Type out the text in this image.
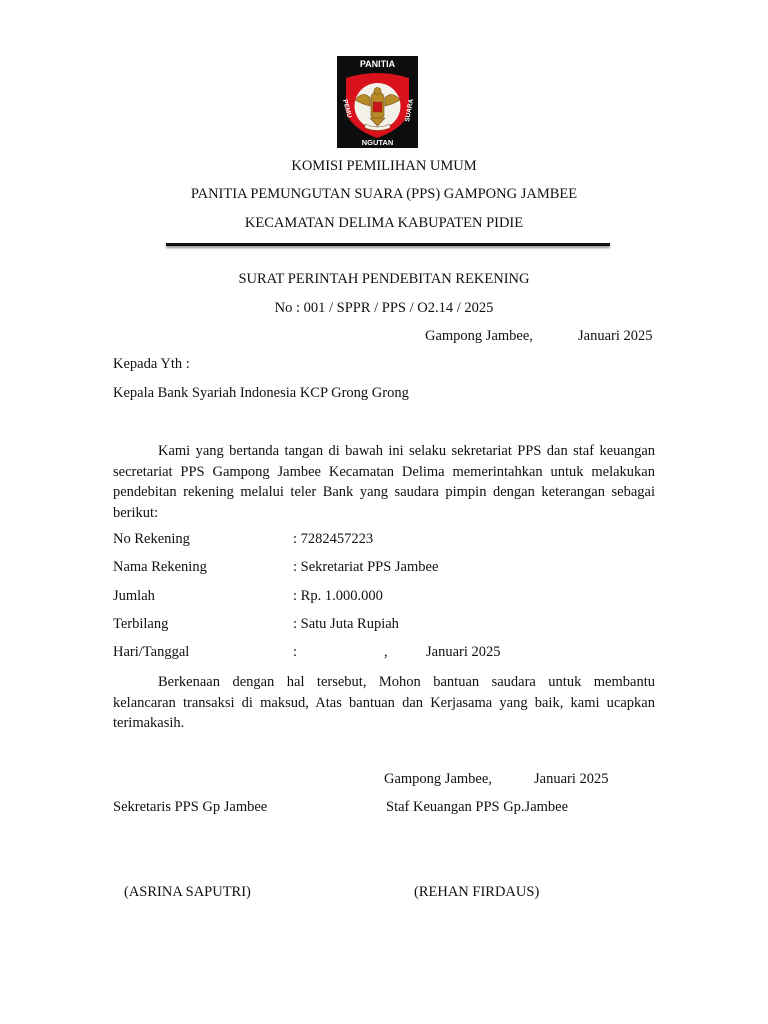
PANITIA
NGUTAN
PEMU	SUARA
KOMISI PEMILIHAN UMUM
PANITIA PEMUNGUTAN SUARA (PPS) GAMPONG JAMBEE
KECAMATAN DELIMA KABUPATEN PIDIE
SURAT PERINTAH PENDEBITAN REKENING
No : 001 / SPPR / PPS / O2.14 / 2025
Gampong Jambee,	Januari 2025
Kepada Yth :
Kepala Bank Syariah Indonesia KCP Grong Grong
Kami yang bertanda tangan di bawah ini selaku sekretariat PPS dan staf keuangan
secretariat PPS Gampong Jambee Kecamatan Delima memerintahkan untuk melakukan
pendebitan rekening melalui teler Bank yang saudara pimpin dengan keterangan sebagai
berikut:
No Rekening	: 7282457223
Nama Rekening	: Sekretariat PPS Jambee
Jumlah	: Rp. 1.000.000
Terbilang	: Satu Juta Rupiah
Hari/Tanggal	:	,	Januari 2025
Berkenaan dengan hal tersebut, Mohon bantuan saudara untuk membantu
kelancaran transaksi di maksud, Atas bantuan dan Kerjasama yang baik, kami ucapkan
terimakasih.
Gampong Jambee,	Januari 2025
Sekretaris PPS Gp Jambee	Staf Keuangan PPS Gp.Jambee
(ASRINA SAPUTRI)	(REHAN FIRDAUS)
